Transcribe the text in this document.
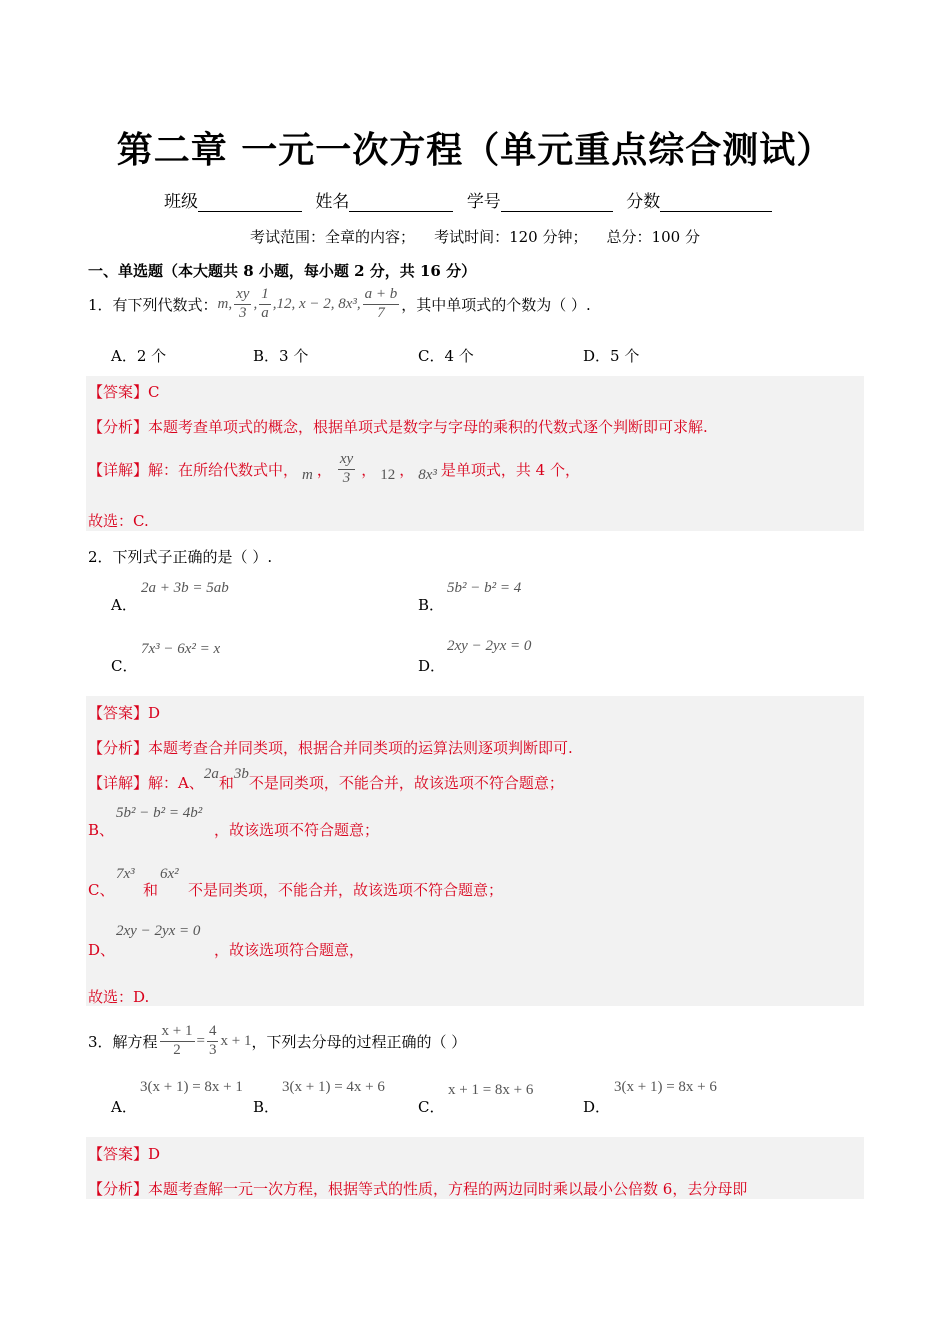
第二章 一元一次方程（单元重点综合测试）
班级	姓名	学号	分数
考试范围：全章的内容；    考试时间：120 分钟；    总分：100 分
一、单选题（本大题共 8 小题，每小题 2 分，共 16 分）
1．有下列代数式： m, $\frac{xy}{3}$ , $\frac{1}{a} ,12$, x − 2, 8x³, $\frac{a + b}{7}$ ，其中单项式的个数为（ ）.
A．2 个	B．3 个	C．4 个	D．5 个
【答案】C
【分析】本题考查单项式的概念，根据单项式是数字与字母的乘积的代数式逐个判断即可求解.
【详解】解：在所给代数式中， m ， $\frac{xy}{3}$ ， 12 ， 8x³ 是单项式，共 4 个，
故选：C.
2．下列式子正确的是（ ）.
2a + 3b = 5ab
A．
5b² − b² = 4
B．
7x³ − 6x² = x
C．
2xy − 2yx = 0
D．
【答案】D
【分析】本题考查合并同类项，根据合并同类项的运算法则逐项判断即可.
【详解】解：A、 2a 和 3b 不是同类项，不能合并，故该选项不符合题意；
B、
5b² − b² = 4b²
，故该选项不符合题意；
C、
7x³
和
6x²
不是同类项，不能合并，故该选项不符合题意；
D、
2xy − 2yx = 0
，故该选项符合题意，
故选：D.
3．解方程 $\frac{x + 1}{2} = \frac{4}{3}$ x + 1 ，下列去分母的过程正确的（ ）
3(x + 1) = 8x + 1
A．
3(x + 1) = 4x + 6
B．
x + 1 = 8x + 6
C．
3(x + 1) = 8x + 6
D．
【答案】D
【分析】本题考查解一元一次方程，根据等式的性质，方程的两边同时乘以最小公倍数 6，去分母即
